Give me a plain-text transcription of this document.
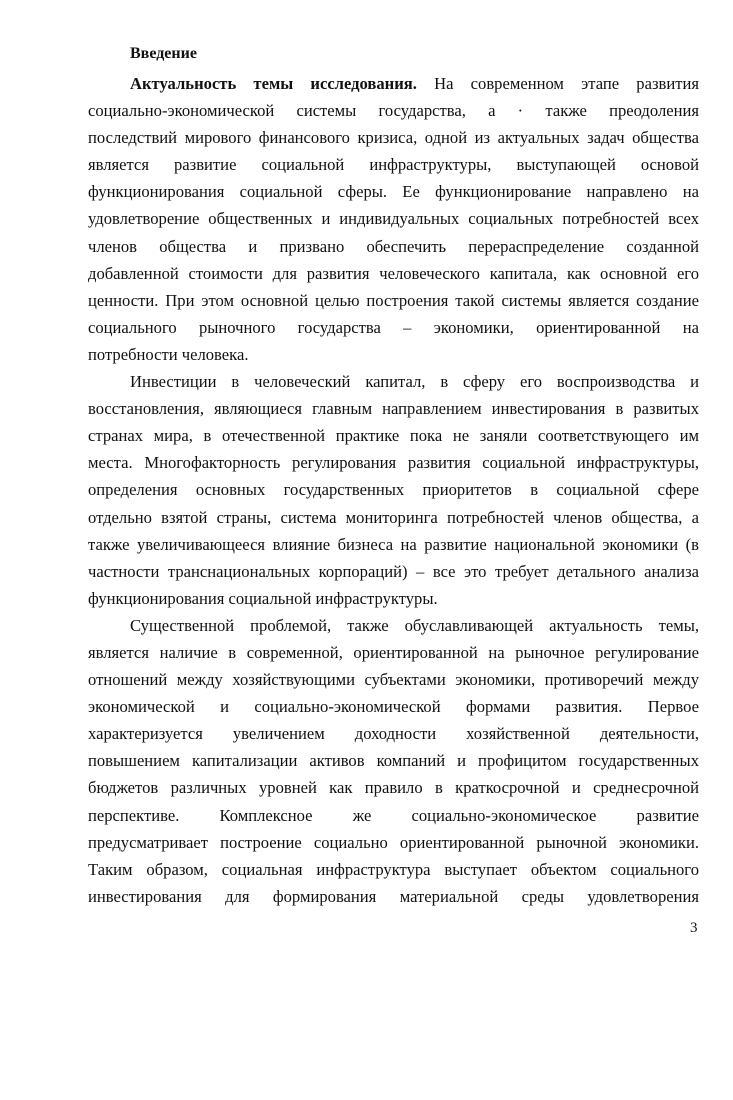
Введение
Актуальность темы исследования. На современном этапе развития
социально-экономической системы государства, а · также преодоления
последствий мирового финансового кризиса, одной из актуальных задач общества
является развитие социальной инфраструктуры, выступающей основой
функционирования социальной сферы. Ее функционирование направлено на
удовлетворение общественных и индивидуальных социальных потребностей всех
членов общества и призвано обеспечить перераспределение созданной
добавленной стоимости для развития человеческого капитала, как основной его
ценности. При этом основной целью построения такой системы является создание
социального рыночного государства – экономики, ориентированной на
потребности человека.
Инвестиции в человеческий капитал, в сферу его воспроизводства и
восстановления, являющиеся главным направлением инвестирования в развитых
странах мира, в отечественной практике пока не заняли соответствующего им
места. Многофакторность регулирования развития социальной инфраструктуры,
определения основных государственных приоритетов в социальной сфере
отдельно взятой страны, система мониторинга потребностей членов общества, а
также увеличивающееся влияние бизнеса на развитие национальной экономики (в
частности транснациональных корпораций) – все это требует детального анализа
функционирования социальной инфраструктуры.
Существенной проблемой, также обуславливающей актуальность темы,
является наличие в современной, ориентированной на рыночное регулирование
отношений между хозяйствующими субъектами экономики, противоречий между
экономической и социально-экономической формами развития. Первое
характеризуется увеличением доходности хозяйственной деятельности,
повышением капитализации активов компаний и профицитом государственных
бюджетов различных уровней как правило в краткосрочной и среднесрочной
перспективе. Комплексное же социально-экономическое развитие
предусматривает построение социально ориентированной рыночной экономики.
Таким образом, социальная инфраструктура выступает объектом социального
инвестирования для формирования материальной среды удовлетворения

3
